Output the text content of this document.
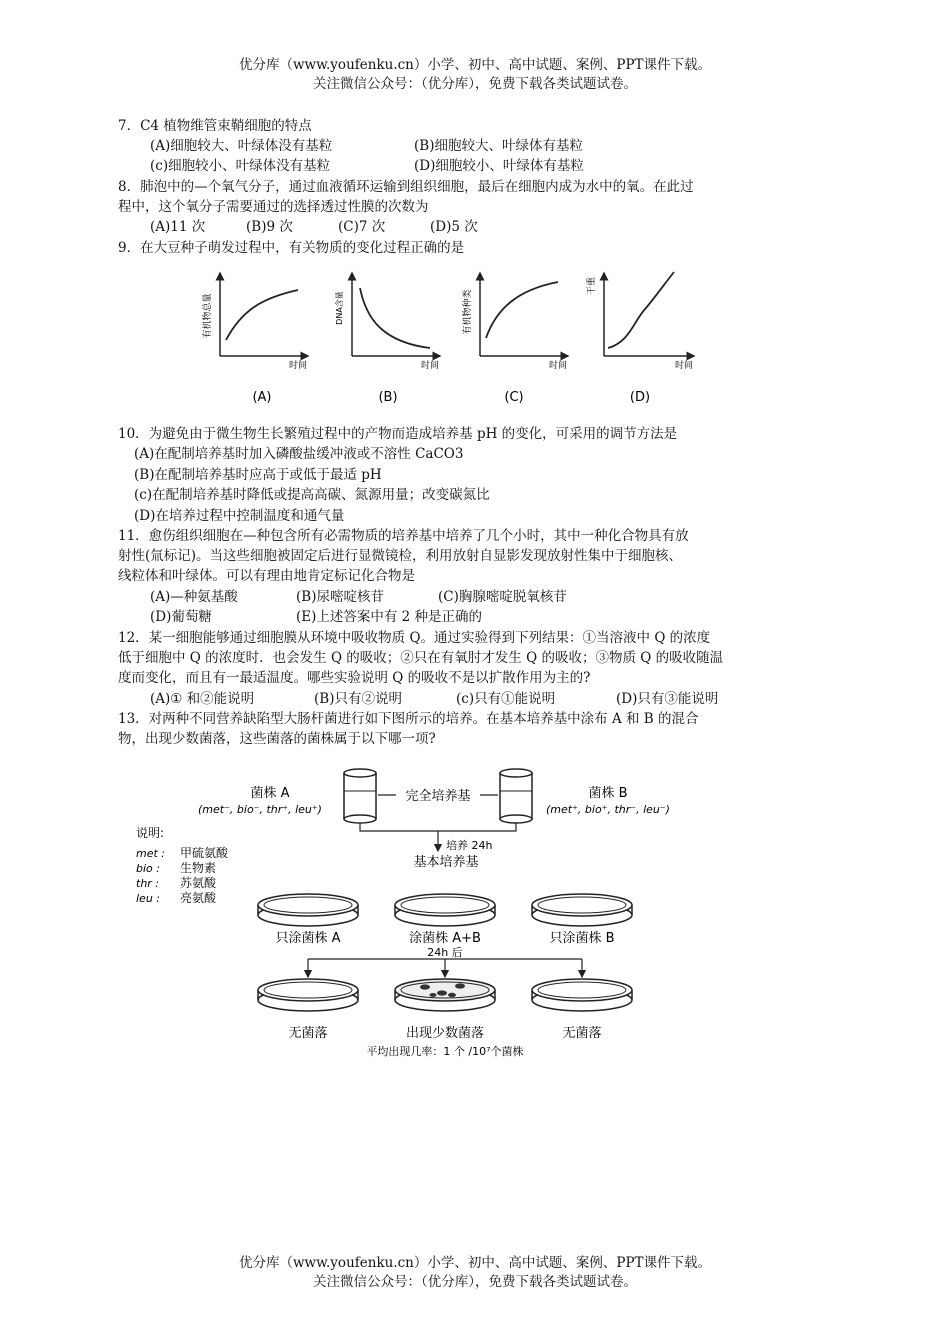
优分库（www.youfenku.cn）小学、初中、高中试题、案例、PPT课件下载。
关注微信公众号：（优分库），免费下载各类试题试卷。
7．C4 植物维管束鞘细胞的特点
(A)细胞较大、叶绿体没有基粒	(B)细胞较大、叶绿体有基粒
(c)细胞较小、叶绿体没有基粒	(D)细胞较小、叶绿体有基粒
8．肺泡中的—个氧气分子，通过血液循环运输到组织细胞，最后在细胞内成为水中的氧。在此过
程中，这个氧分子需要通过的选择透过性膜的次数为
(A)11 次	(B)9 次	(C)7 次	(D)5 次
9．在大豆种子萌发过程中，有关物质的变化过程正确的是
有机物总量
时间
(A)
DNA含量
时间
(B)
有机物种类
时间
(C)
干重
时间
(D)
10．为避免由于微生物生长繁殖过程中的产物而造成培养基 pH 的变化，可采用的调节方法是
(A)在配制培养基时加入磷酸盐缓冲液或不溶性 CaCO3
(B)在配制培养基时应高于或低于最适 pH
(c)在配制培养基时降低或提高高碳、氮源用量；改变碳氮比
(D)在培养过程中控制温度和通气量
11．愈伤组织细胞在—种包含所有必需物质的培养基中培养了几个小时，其中一种化合物具有放
射性(氚标记)。当这些细胞被固定后进行显微镜检，利用放射自显影发现放射性集中于细胞核、
线粒体和叶绿体。可以有理由地肯定标记化合物是
(A)—种氨基酸	(B)尿嘧啶核苷	(C)胸腺嘧啶脱氧核苷
(D)葡萄糖	(E)上述答案中有 2 种是正确的
12．某一细胞能够通过细胞膜从环境中吸收物质 Q。通过实验得到下列结果：①当溶液中 Q 的浓度
低于细胞中 Q 的浓度时．也会发生 Q 的吸收；②只在有氧肘才发生 Q 的吸收；③物质 Q 的吸收随温
度而变化，而且有一最适温度。哪些实验说明 Q 的吸收不是以扩散作用为主的?
(A)① 和②能说明	(B)只有②说明	(c)只有①能说明	(D)只有③能说明
13．对两种不同营养缺陷型大肠杆菌进行如下图所示的培养。在基本培养基中涂布 A 和 B 的混合
物，出现少数菌落，这些菌落的菌株属于以下哪一项?
菌株 A
(met⁻, bio⁻, thr⁺, leu⁺)
完全培养基	菌株 B
(met⁺, bio⁺, thr⁻, leu⁻)
培养 24h
基本培养基
说明:
met : 甲硫氨酸
bio : 生物素
thr : 苏氨酸
leu : 亮氨酸
只涂菌株 A	涂菌株 A+B	只涂菌株 B
24h 后
无菌落	出现少数菌落	无菌落
平均出现几率：1 个 /10⁷个菌株
优分库（www.youfenku.cn）小学、初中、高中试题、案例、PPT课件下载。
关注微信公众号：（优分库），免费下载各类试题试卷。
